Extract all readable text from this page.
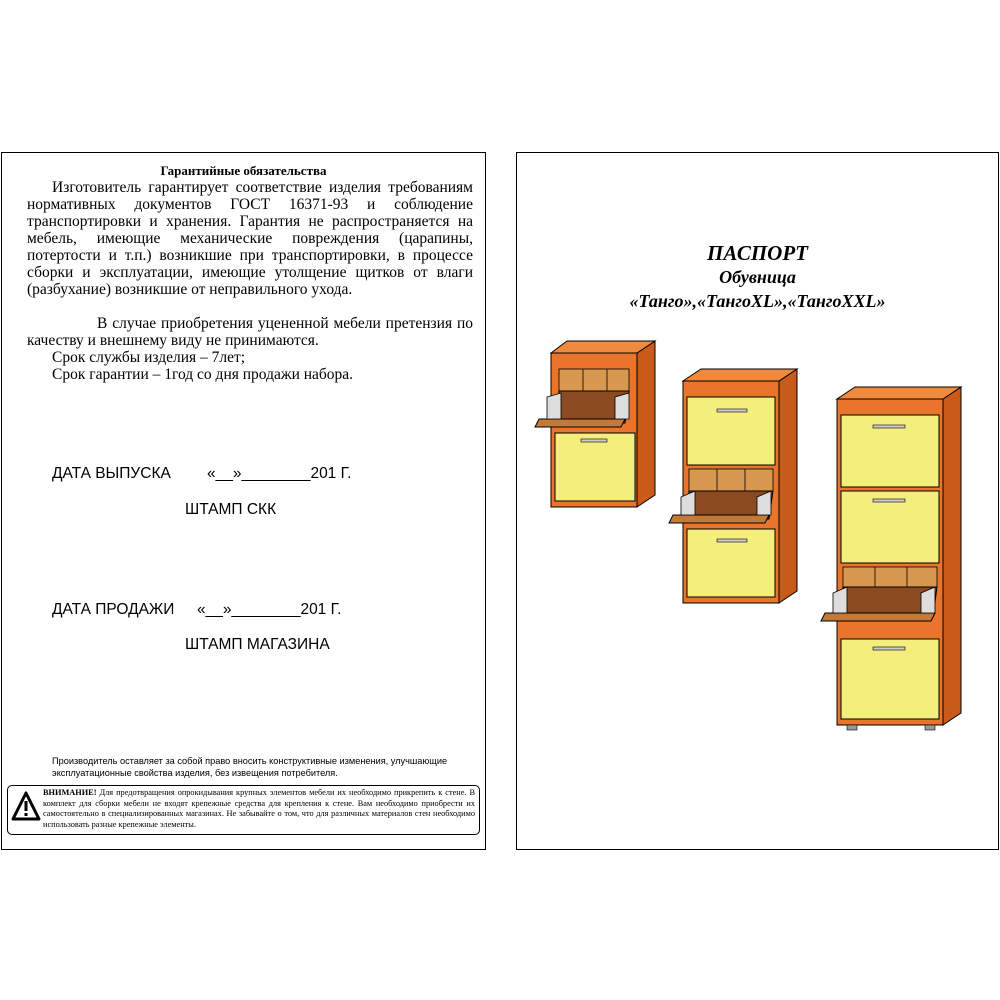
Гарантийные обязательства
Изготовитель гарантирует соответствие изделия требованиям нормативных документов ГОСТ 16371-93 и соблюдение транспортировки и хранения. Гарантия не распространяется на мебель, имеющие механические повреждения (царапины, потертости и т.п.) возникшие при транспортировки, в процессе сборки и эксплуатации, имеющие утолщение щитков от влаги (разбухание) возникшие от неправильного ухода.
В случае приобретения уцененной мебели претензия по качеству и внешнему виду не принимаются.
Срок службы изделия – 7лет;
Срок гарантии – 1год со дня продажи набора.
ДАТА ВЫПУСКА «__»________201 Г.
ШТАМП СКК
ДАТА ПРОДАЖИ «__»________201 Г.
ШТАМП МАГАЗИНА
Производитель оставляет за собой право вносить конструктивные изменения, улучшающие эксплуатационные свойства изделия, без извещения потребителя.
ВНИМАНИЕ! Для предотвращения опрокидывания крупных элементов мебели их необходимо прикрепить к стене. В комплект для сборки мебели не входят крепежные средства для крепления к стене. Вам необходимо приобрести их самостоятельно в специализированных магазинах. Не забывайте о том, что для различных материалов стен необходимо использовать разные крепежные элементы.
ПАСПОРТ
Обувница
«Танго»,«ТангоXL»,«ТангоXXL»
